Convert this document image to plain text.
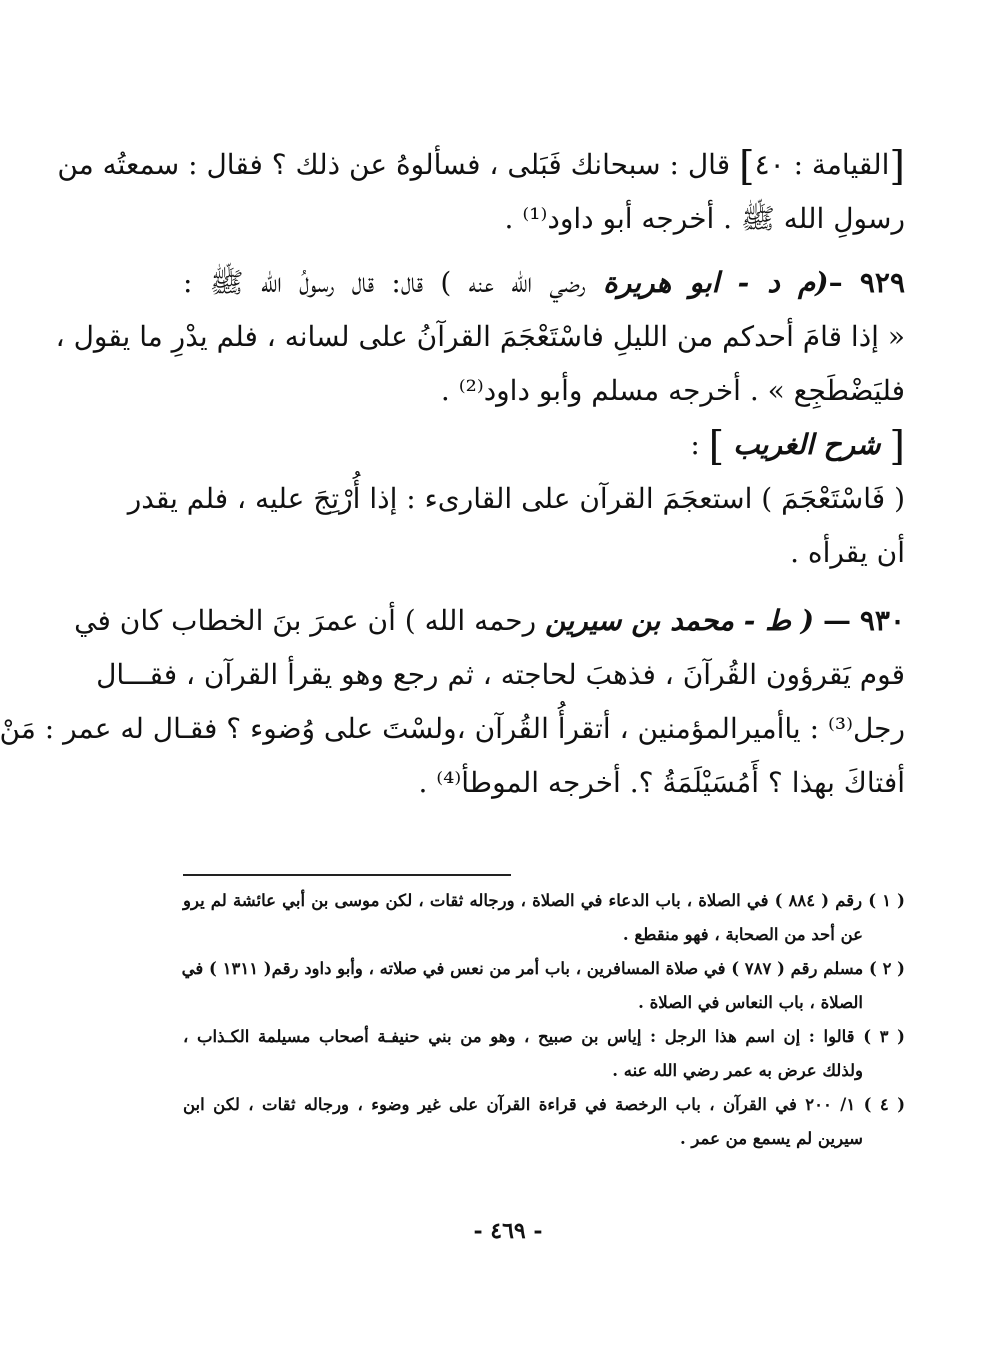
[القيامة : ٤٠] قال : سبحانك فَبَلى ، فسألوهُ عن ذلك ؟ فقال : سمعتُه من
رسولِ الله ﷺ . أخرجه أبو داود⁽¹⁾ .
٩٢٩ –(م د - ابو هريرة رضي الله عنه ) قال: قال رسولُ الله ﷺ :
« إذا قامَ أحدكم من الليلِ فاسْتَعْجَمَ القرآنُ على لسانه ، فلم يدْرِ ما يقول ،
فليَضْطَجِع » . أخرجه مسلم وأبو داود⁽²⁾ .
[ شرح الغريب ] :
( فَاسْتَعْجَمَ ) استعجَمَ القرآن على القارىء : إذا أُرْتِجَ عليه ، فلم يقدر
أن يقرأه .
٩٣٠ — ( ط - محمد بن سيرين رحمه الله ) أن عمرَ بنَ الخطاب كان في
قوم يَقرؤون القُرآنَ ، فذهبَ لحاجته ، ثم رجع وهو يقرأ القرآن ، فقـــال
رجل⁽³⁾ : ياأميرالمؤمنين ، أتقرأُ القُرآن ،ولسْتَ على وُضوء ؟ فقـال له عمر : مَنْ
أفتاكَ بهذا ؟ أَمُسَيْلَمَةُ ؟. أخرجه الموطأ⁽⁴⁾ .
( ١ ) رقم ( ٨٨٤ ) في الصلاة ، باب الدعاء في الصلاة ، ورجاله ثقات ، لكن موسى بن أبي عائشة لم يرو
عن أحد من الصحابة ، فهو منقطع .
( ٢ ) مسلم رقم ( ٧٨٧ ) في صلاة المسافرين ، باب أمر من نعس في صلاته ، وأبو داود رقم( ١٣١١ ) في
الصلاة ، باب النعاس في الصلاة .
( ٣ ) قالوا : إن اسم هذا الرجل : إياس بن صبيح ، وهو من بني حنيفـة أصحاب مسيلمة الكـذاب ،
ولذلك عرض به عمر رضي الله عنه .
( ٤ ) ١/ ٢٠٠ في القرآن ، باب الرخصة في قراءة القرآن على غير وضوء ، ورجاله ثقات ، لكن ابن
سيرين لم يسمع من عمر .
- ٤٦٩ -
